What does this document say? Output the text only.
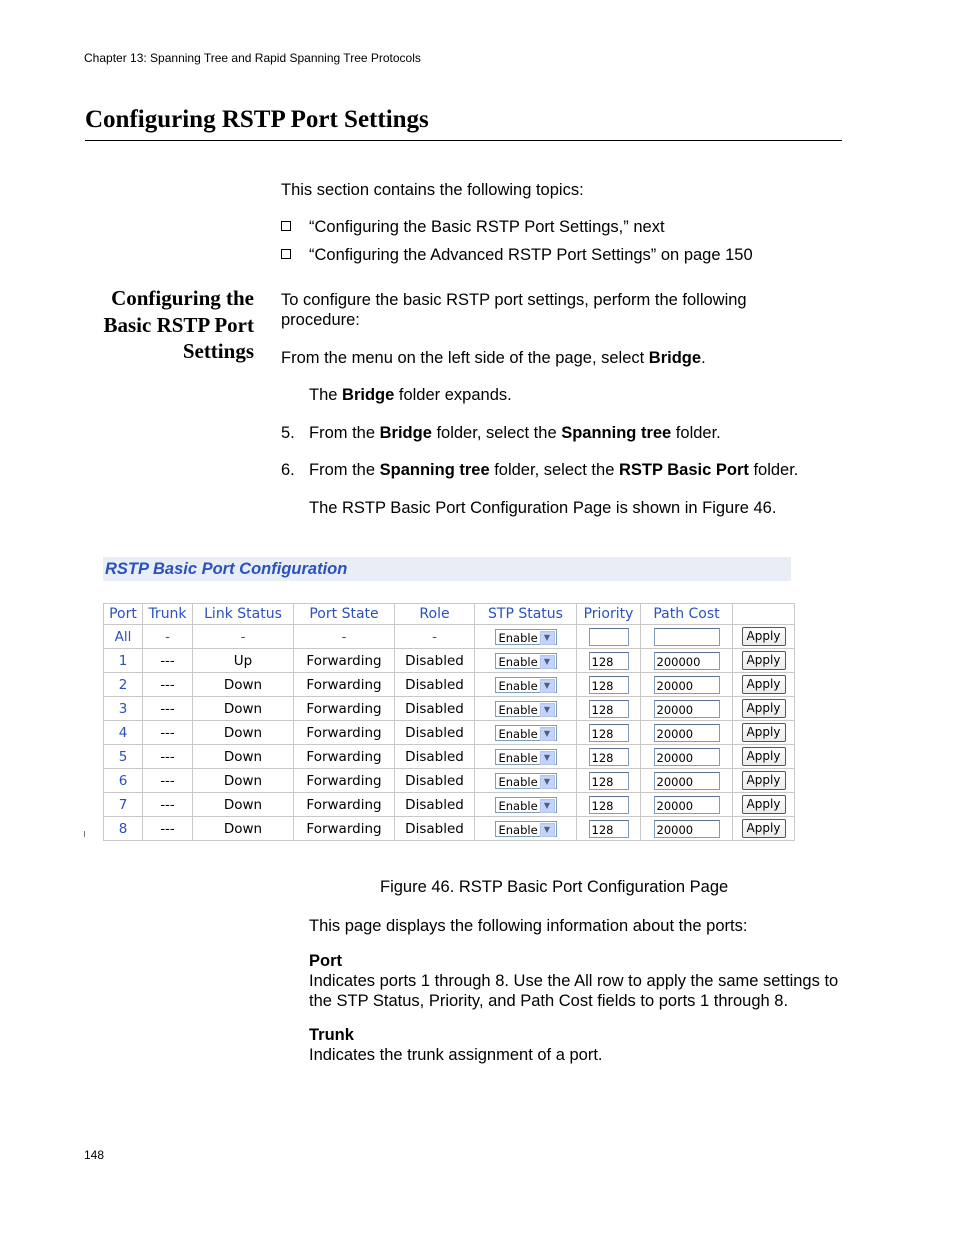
Chapter 13: Spanning Tree and Rapid Spanning Tree Protocols
Configuring RSTP Port Settings
This section contains the following topics:
“Configuring the Basic RSTP Port Settings,” next
“Configuring the Advanced RSTP Port Settings” on page 150
Configuring the
Basic RSTP Port
Settings
To configure the basic RSTP port settings, perform the following procedure:
From the menu on the left side of the page, select Bridge.
The Bridge folder expands.
5. From the Bridge folder, select the Spanning tree folder.
6. From the Spanning tree folder, select the RSTP Basic Port folder.
The RSTP Basic Port Configuration Page is shown in Figure 46.
RSTP Basic Port Configuration
Port	Trunk	Link Status	Port State	Role	STP Status	Priority	Path Cost	
All	-	-	-	-	Enable ▼			Apply
1	---	Up	Forwarding	Disabled	Enable ▼	128	200000	Apply
2	---	Down	Forwarding	Disabled	Enable ▼	128	20000	Apply
3	---	Down	Forwarding	Disabled	Enable ▼	128	20000	Apply
4	---	Down	Forwarding	Disabled	Enable ▼	128	20000	Apply
5	---	Down	Forwarding	Disabled	Enable ▼	128	20000	Apply
6	---	Down	Forwarding	Disabled	Enable ▼	128	20000	Apply
7	---	Down	Forwarding	Disabled	Enable ▼	128	20000	Apply
8	---	Down	Forwarding	Disabled	Enable ▼	128	20000	Apply
Figure 46. RSTP Basic Port Configuration Page
This page displays the following information about the ports:
Port
Indicates ports 1 through 8. Use the All row to apply the same settings to the STP Status, Priority, and Path Cost fields to ports 1 through 8.
Trunk
Indicates the trunk assignment of a port.
148
